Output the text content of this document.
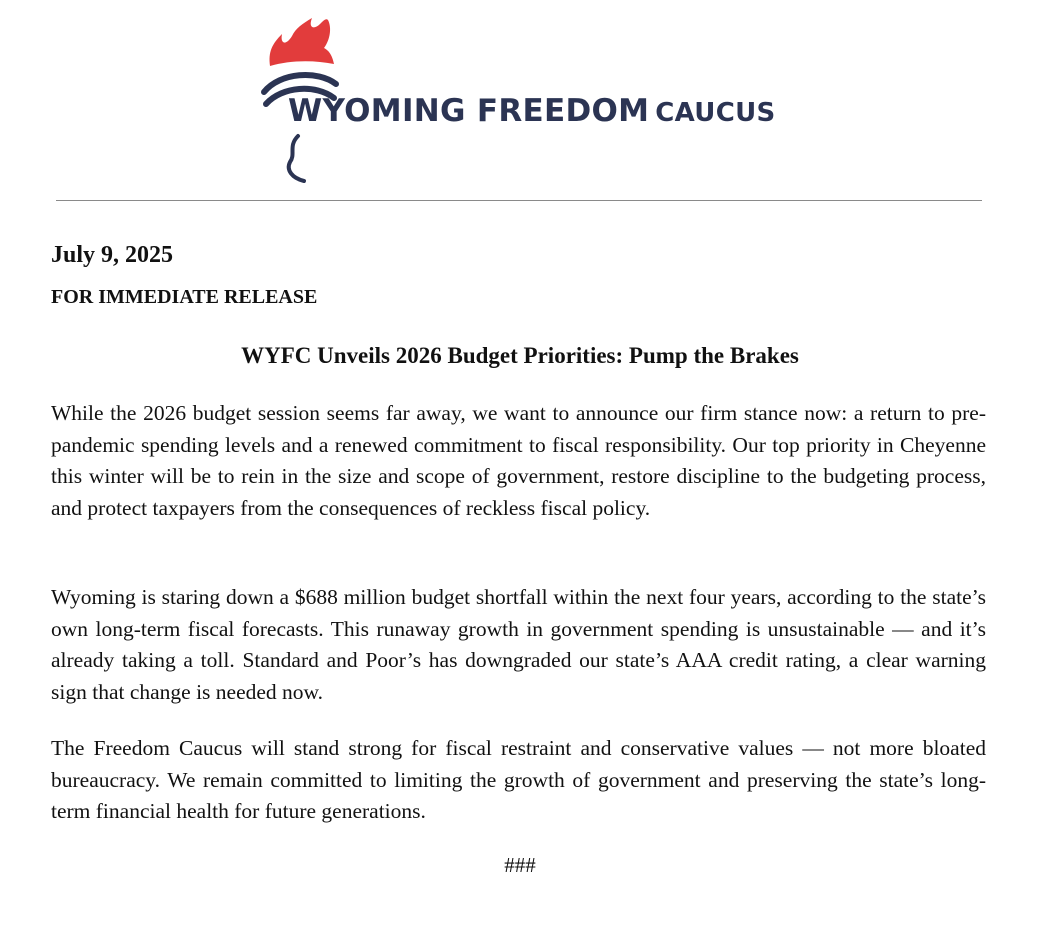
WYOMING FREEDOM CAUCUS
July 9, 2025
FOR IMMEDIATE RELEASE
WYFC Unveils 2026 Budget Priorities: Pump the Brakes

While the 2026 budget session seems far away, we want to announce our firm stance now: a return to pre-pandemic spending levels and a renewed commitment to fiscal responsibility. Our top priority in Cheyenne this winter will be to rein in the size and scope of government, restore discipline to the budgeting process, and protect taxpayers from the consequences of reckless fiscal policy.

Wyoming is staring down a $688 million budget shortfall within the next four years, according to the state’s own long-term fiscal forecasts. This runaway growth in government spending is unsustainable — and it’s already taking a toll. Standard and Poor’s has downgraded our state’s AAA credit rating, a clear warning sign that change is needed now.

The Freedom Caucus will stand strong for fiscal restraint and conservative values — not more bloated bureaucracy. We remain committed to limiting the growth of government and preserving the state’s long-term financial health for future generations.

###
